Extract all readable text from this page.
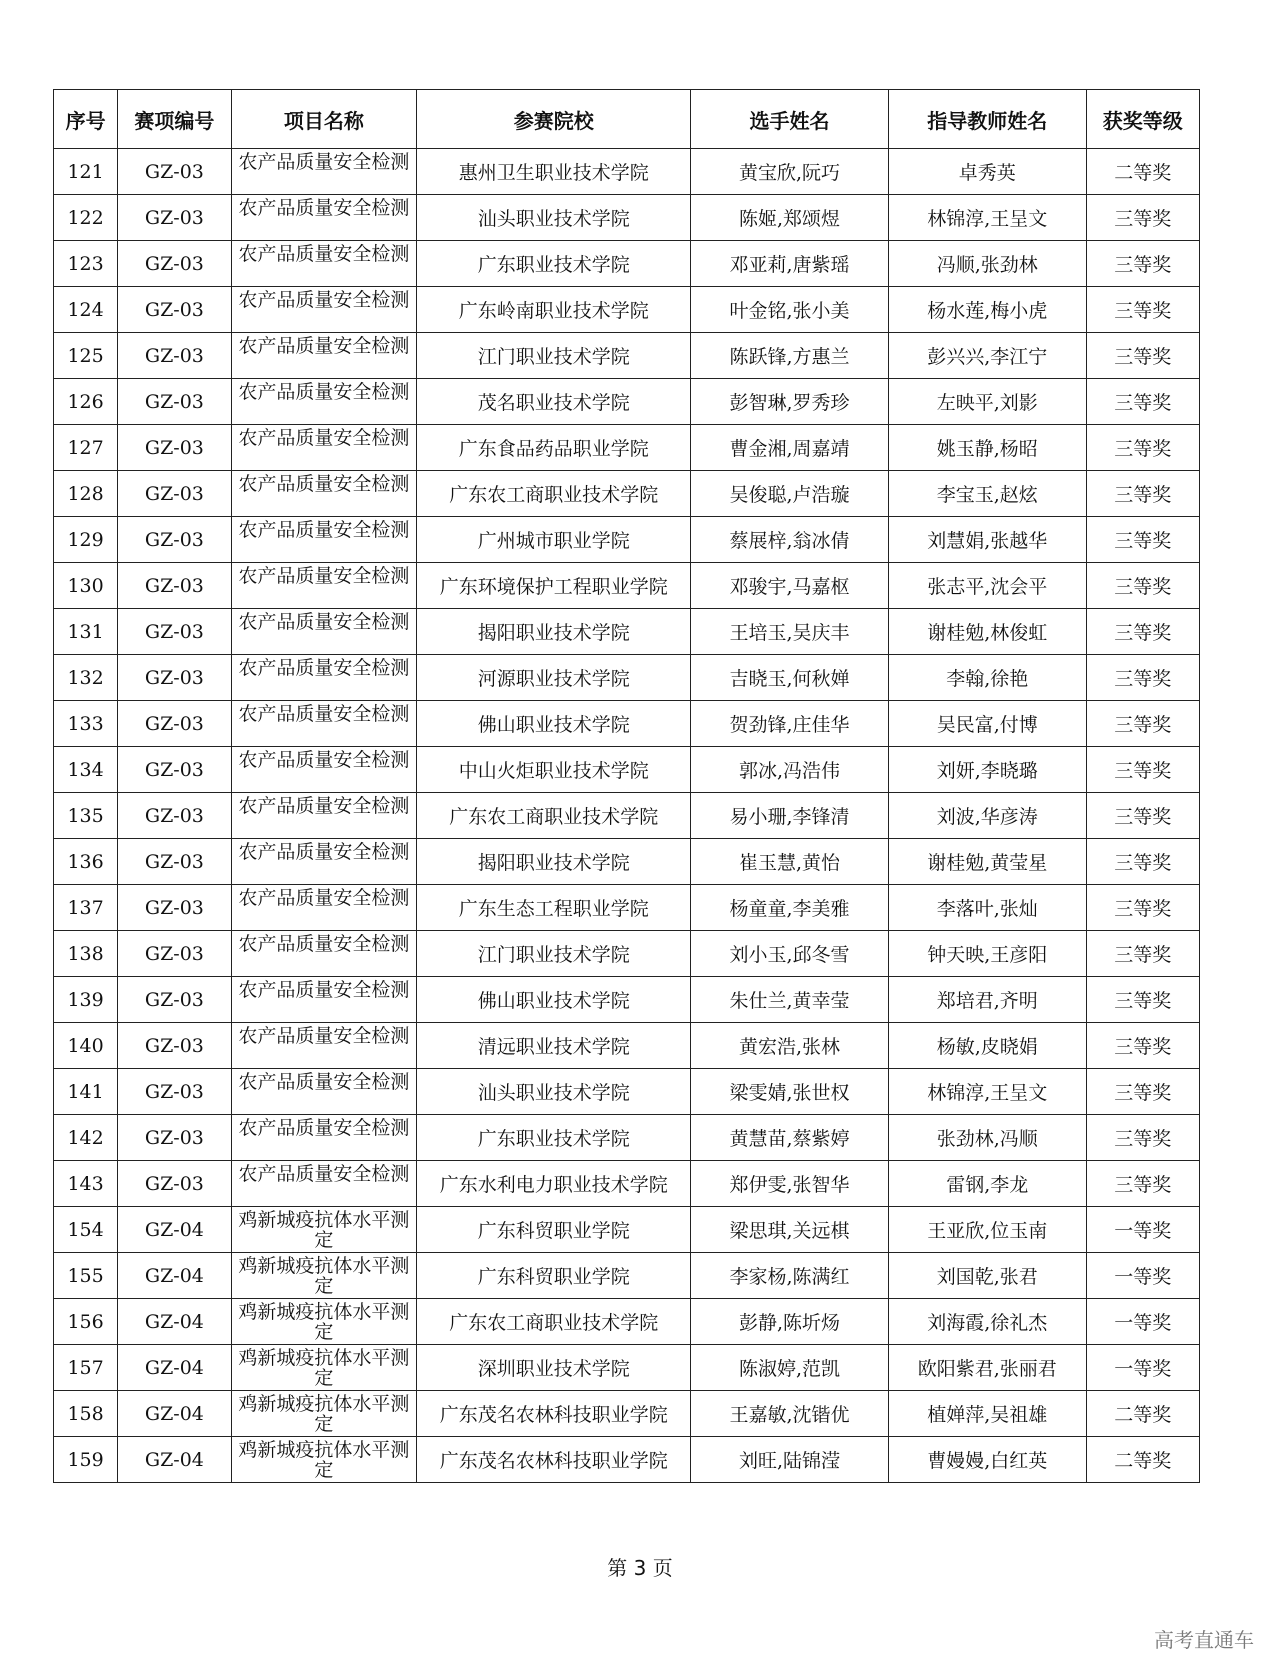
序号	赛项编号	项目名称	参赛院校	选手姓名	指导教师姓名	获奖等级
121	GZ-03	农产品质量安全检测	惠州卫生职业技术学院	黄宝欣,阮巧	卓秀英	二等奖
122	GZ-03	农产品质量安全检测	汕头职业技术学院	陈姬,郑颂煜	林锦淳,王呈文	三等奖
123	GZ-03	农产品质量安全检测	广东职业技术学院	邓亚莉,唐紫瑶	冯顺,张劲林	三等奖
124	GZ-03	农产品质量安全检测	广东岭南职业技术学院	叶金铭,张小美	杨水莲,梅小虎	三等奖
125	GZ-03	农产品质量安全检测	江门职业技术学院	陈跃锋,方惠兰	彭兴兴,李江宁	三等奖
126	GZ-03	农产品质量安全检测	茂名职业技术学院	彭智琳,罗秀珍	左映平,刘影	三等奖
127	GZ-03	农产品质量安全检测	广东食品药品职业学院	曹金湘,周嘉靖	姚玉静,杨昭	三等奖
128	GZ-03	农产品质量安全检测	广东农工商职业技术学院	吴俊聪,卢浩璇	李宝玉,赵炫	三等奖
129	GZ-03	农产品质量安全检测	广州城市职业学院	蔡展梓,翁冰倩	刘慧娟,张越华	三等奖
130	GZ-03	农产品质量安全检测	广东环境保护工程职业学院	邓骏宇,马嘉枢	张志平,沈会平	三等奖
131	GZ-03	农产品质量安全检测	揭阳职业技术学院	王培玉,吴庆丰	谢桂勉,林俊虹	三等奖
132	GZ-03	农产品质量安全检测	河源职业技术学院	吉晓玉,何秋婵	李翰,徐艳	三等奖
133	GZ-03	农产品质量安全检测	佛山职业技术学院	贺劲锋,庄佳华	吴民富,付博	三等奖
134	GZ-03	农产品质量安全检测	中山火炬职业技术学院	郭冰,冯浩伟	刘妍,李晓璐	三等奖
135	GZ-03	农产品质量安全检测	广东农工商职业技术学院	易小珊,李锋清	刘波,华彦涛	三等奖
136	GZ-03	农产品质量安全检测	揭阳职业技术学院	崔玉慧,黄怡	谢桂勉,黄莹星	三等奖
137	GZ-03	农产品质量安全检测	广东生态工程职业学院	杨童童,李美雅	李落叶,张灿	三等奖
138	GZ-03	农产品质量安全检测	江门职业技术学院	刘小玉,邱冬雪	钟天映,王彦阳	三等奖
139	GZ-03	农产品质量安全检测	佛山职业技术学院	朱仕兰,黄幸莹	郑培君,齐明	三等奖
140	GZ-03	农产品质量安全检测	清远职业技术学院	黄宏浩,张林	杨敏,皮晓娟	三等奖
141	GZ-03	农产品质量安全检测	汕头职业技术学院	梁雯婧,张世权	林锦淳,王呈文	三等奖
142	GZ-03	农产品质量安全检测	广东职业技术学院	黄慧苗,蔡紫婷	张劲林,冯顺	三等奖
143	GZ-03	农产品质量安全检测	广东水利电力职业技术学院	郑伊雯,张智华	雷钢,李龙	三等奖
154	GZ-04	鸡新城疫抗体水平测定	广东科贸职业学院	梁思琪,关远棋	王亚欣,位玉南	一等奖
155	GZ-04	鸡新城疫抗体水平测定	广东科贸职业学院	李家杨,陈满红	刘国乾,张君	一等奖
156	GZ-04	鸡新城疫抗体水平测定	广东农工商职业技术学院	彭静,陈圻炀	刘海霞,徐礼杰	一等奖
157	GZ-04	鸡新城疫抗体水平测定	深圳职业技术学院	陈淑婷,范凯	欧阳紫君,张丽君	一等奖
158	GZ-04	鸡新城疫抗体水平测定	广东茂名农林科技职业学院	王嘉敏,沈锴优	植婵萍,吴祖雄	二等奖
159	GZ-04	鸡新城疫抗体水平测定	广东茂名农林科技职业学院	刘旺,陆锦滢	曹嫚嫚,白红英	二等奖
第 3 页
高考直通车
